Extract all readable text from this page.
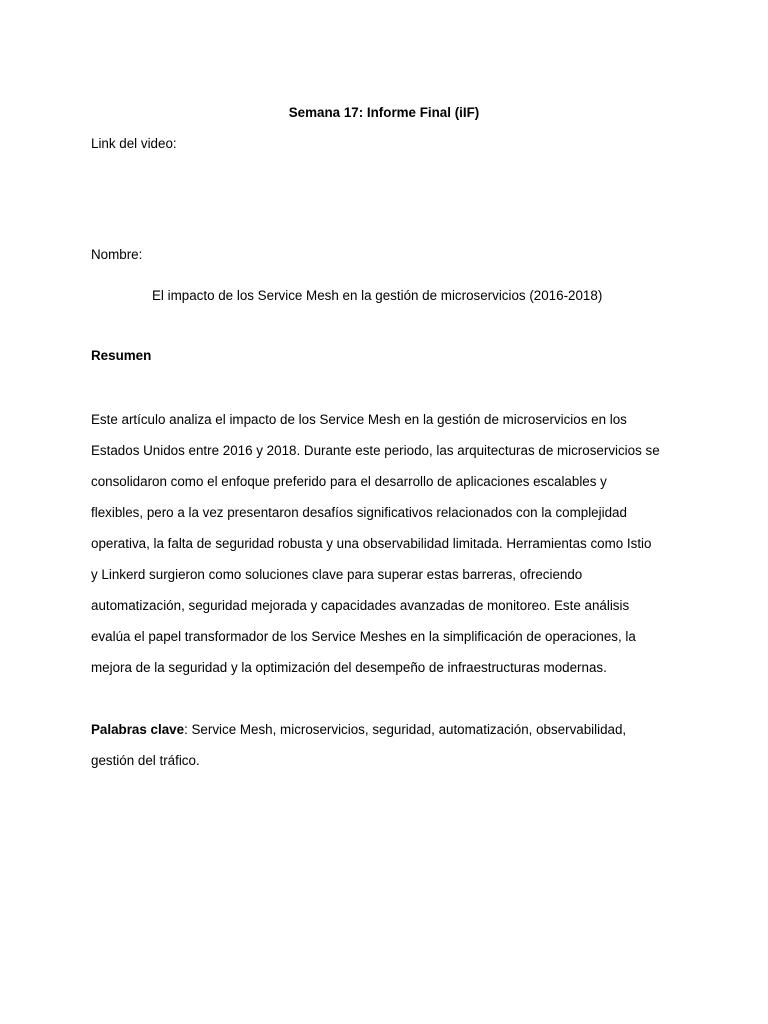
Semana 17: Informe Final (iIF)
Link del video:
Nombre:
El impacto de los Service Mesh en la gestión de microservicios (2016-2018)
Resumen
Este artículo analiza el impacto de los Service Mesh en la gestión de microservicios en los
Estados Unidos entre 2016 y 2018. Durante este periodo, las arquitecturas de microservicios se
consolidaron como el enfoque preferido para el desarrollo de aplicaciones escalables y
flexibles, pero a la vez presentaron desafíos significativos relacionados con la complejidad
operativa, la falta de seguridad robusta y una observabilidad limitada. Herramientas como Istio
y Linkerd surgieron como soluciones clave para superar estas barreras, ofreciendo
automatización, seguridad mejorada y capacidades avanzadas de monitoreo. Este análisis
evalúa el papel transformador de los Service Meshes en la simplificación de operaciones, la
mejora de la seguridad y la optimización del desempeño de infraestructuras modernas.
Palabras clave: Service Mesh, microservicios, seguridad, automatización, observabilidad,
gestión del tráfico.
